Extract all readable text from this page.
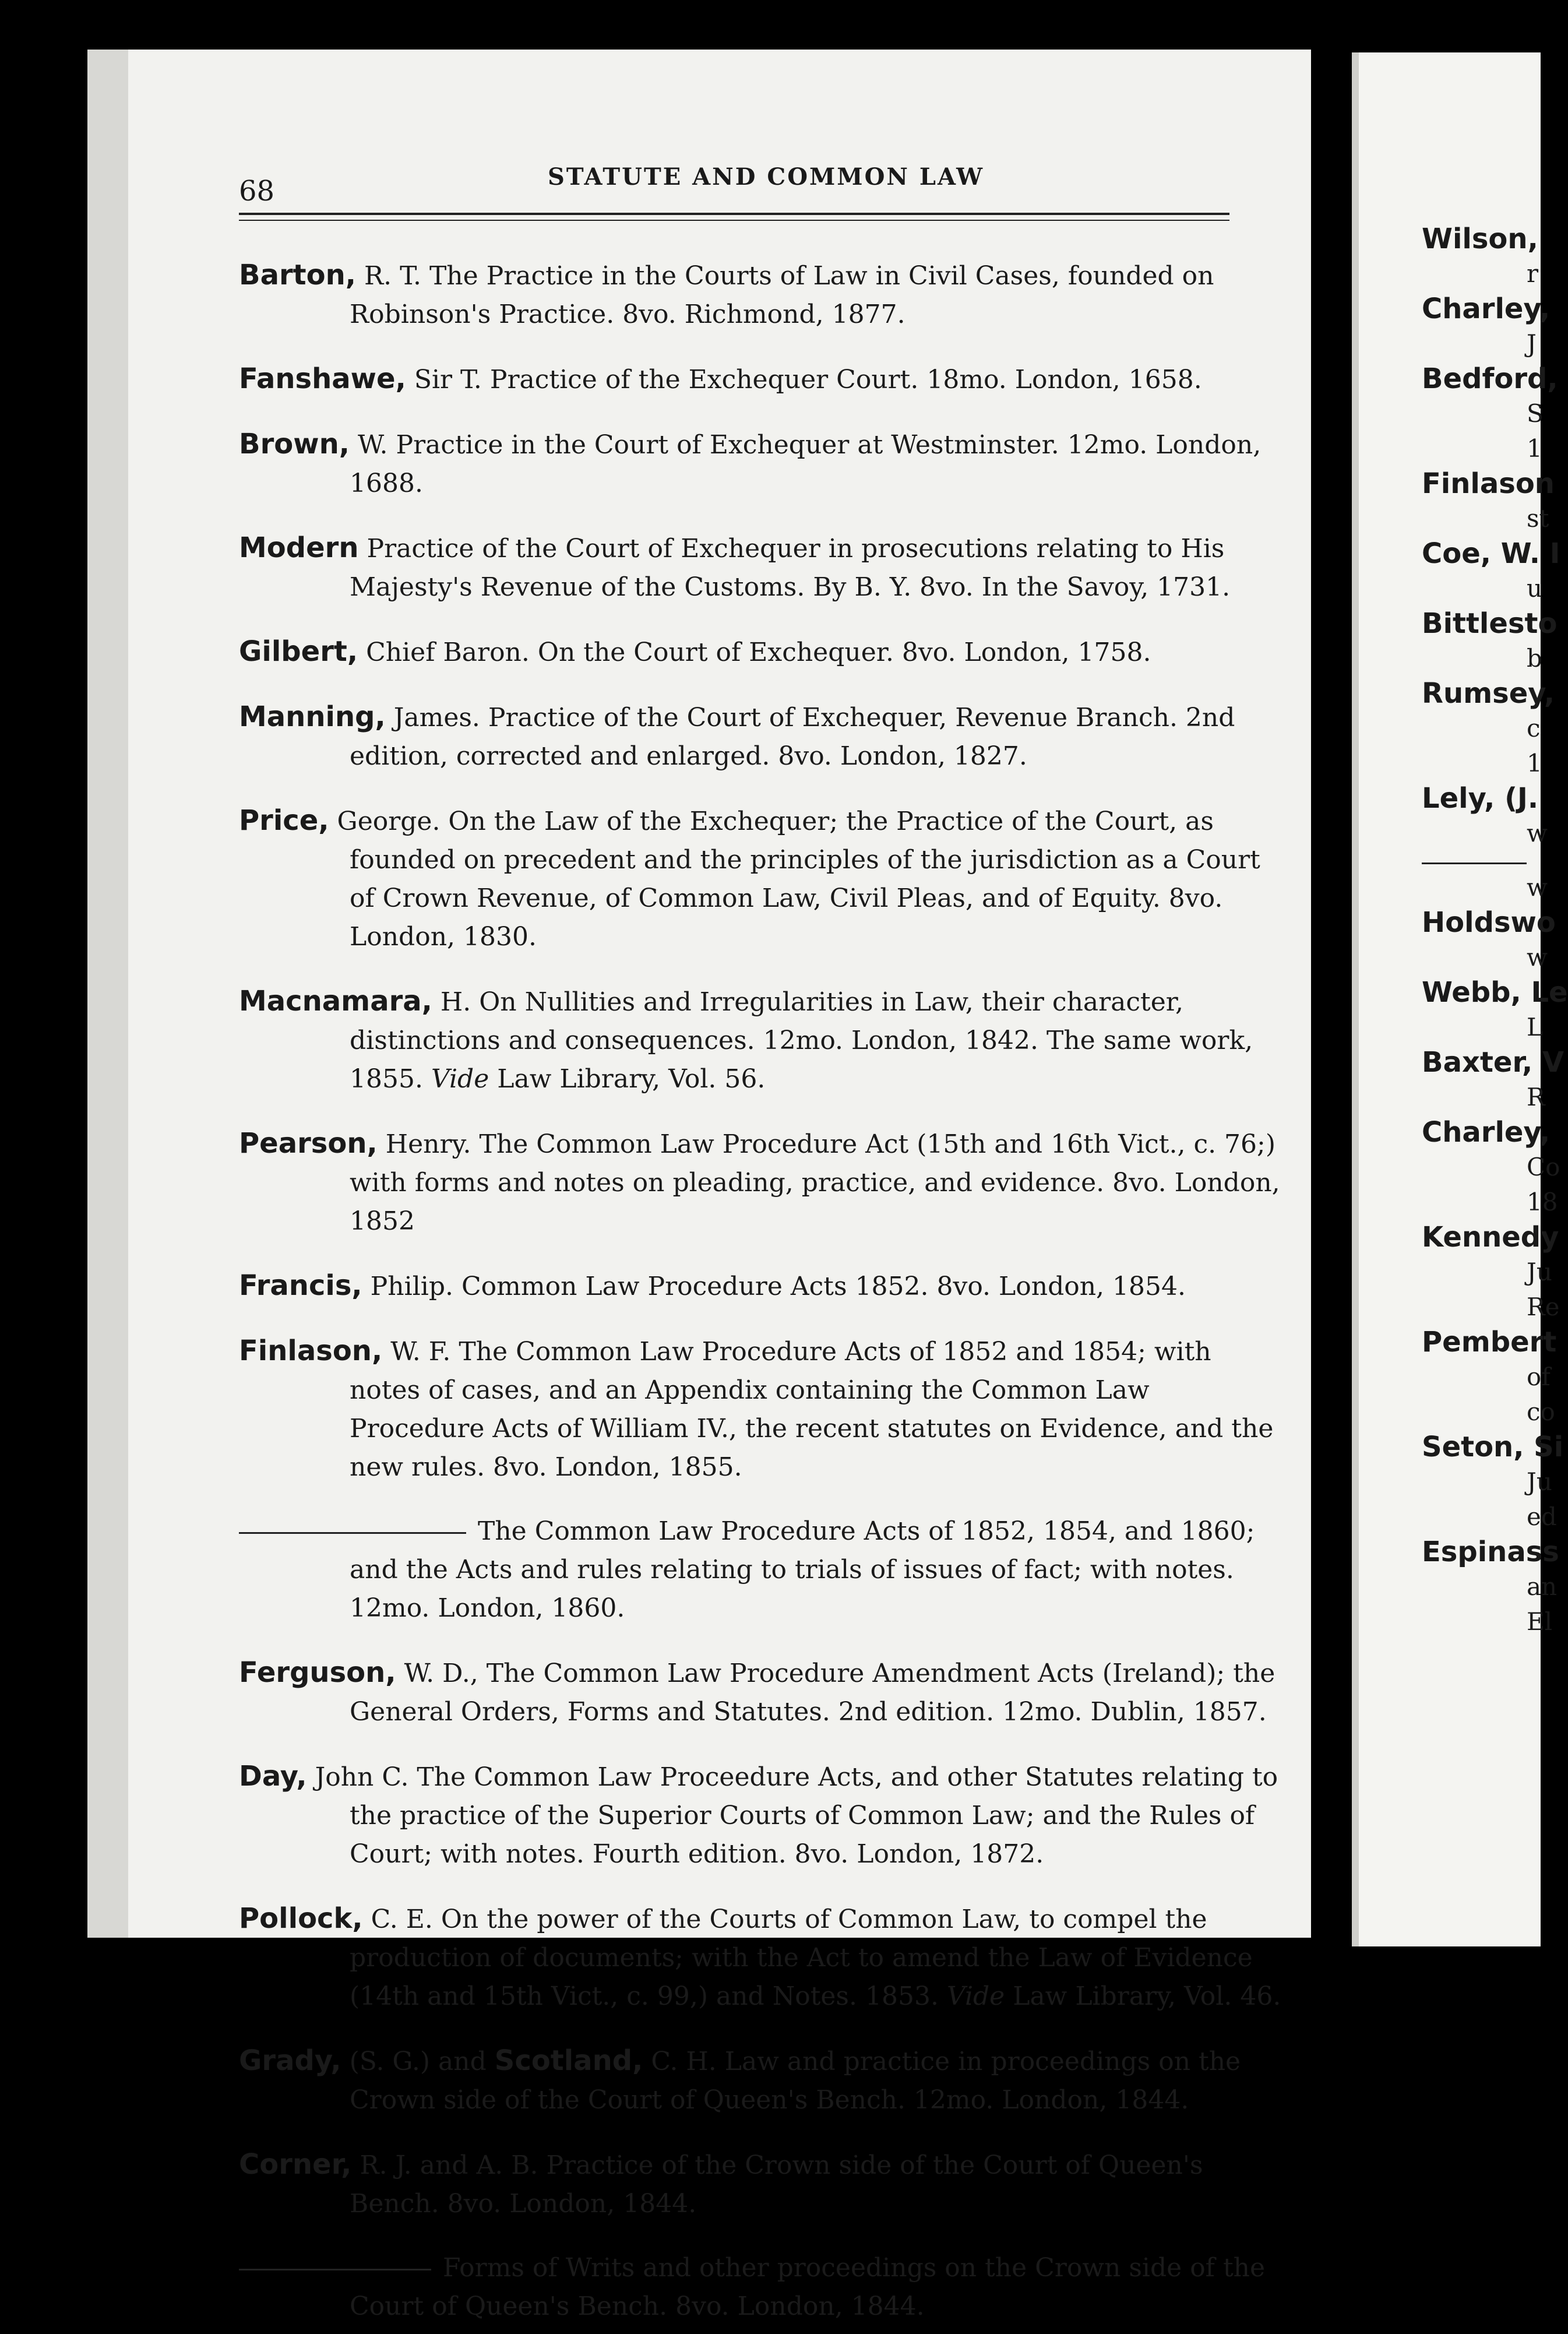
68	STATUTE AND COMMON LAW

Barton, R. T. The Practice in the Courts of Law in Civil Cases, founded on Robinson's Practice. 8vo. Richmond, 1877.

Fanshawe, Sir T. Practice of the Exchequer Court. 18mo. London, 1658.

Brown, W. Practice in the Court of Exchequer at Westminster. 12mo. London, 1688.

Modern Practice of the Court of Exchequer in prosecutions relating to His Majesty's Revenue of the Customs. By B. Y. 8vo. In the Savoy, 1731.

Gilbert, Chief Baron. On the Court of Exchequer. 8vo. London, 1758.

Manning, James. Practice of the Court of Exchequer, Revenue Branch. 2nd edition, corrected and enlarged. 8vo. London, 1827.

Price, George. On the Law of the Exchequer; the Practice of the Court, as founded on precedent and the principles of the jurisdiction as a Court of Crown Revenue, of Common Law, Civil Pleas, and of Equity. 8vo. London, 1830.

Macnamara, H. On Nullities and Irregularities in Law, their character, distinctions and consequences. 12mo. London, 1842. The same work, 1855. Vide Law Library, Vol. 56.

Pearson, Henry. The Common Law Procedure Act (15th and 16th Vict., c. 76;) with forms and notes on pleading, practice, and evidence. 8vo. London, 1852

Francis, Philip. Common Law Procedure Acts 1852. 8vo. London, 1854.

Finlason, W. F. The Common Law Procedure Acts of 1852 and 1854; with notes of cases, and an Appendix containing the Common Law Procedure Acts of William IV., the recent statutes on Evidence, and the new rules. 8vo. London, 1855.

The Common Law Procedure Acts of 1852, 1854, and 1860; and the Acts and rules relating to trials of issues of fact; with notes. 12mo. London, 1860.

Ferguson, W. D., The Common Law Procedure Amendment Acts (Ireland); the General Orders, Forms and Statutes. 2nd edition. 12mo. Dublin, 1857.

Day, John C. The Common Law Proceedure Acts, and other Statutes relating to the practice of the Superior Courts of Common Law; and the Rules of Court; with notes. Fourth edition. 8vo. London, 1872.

Pollock, C. E. On the power of the Courts of Common Law, to compel the production of documents; with the Act to amend the Law of Evidence (14th and 15th Vict., c. 99,) and Notes. 1853. Vide Law Library, Vol. 46.

Grady, (S. G.) and Scotland, C. H. Law and practice in proceedings on the Crown side of the Court of Queen's Bench. 12mo. London, 1844.

Corner, R. J. and A. B. Practice of the Crown side of the Court of Queen's Bench. 8vo. London, 1844.

Forms of Writs and other proceedings on the Crown side of the Court of Queen's Bench. 8vo. London, 1844.

Wilson,
r
Charley,
J
Bedford,
S
1
Finlason
st
Coe, W. I
u
Bittlesto
b
Rumsey,
c
1
Lely, (J.
w
w
Holdswo
w
Webb, Le
L
Baxter, V
R
Charley,
Co
18
Kennedy
Ju
Re
Pembert
of
co
Seton, Si
Ju
ed
Espinass
an
El
